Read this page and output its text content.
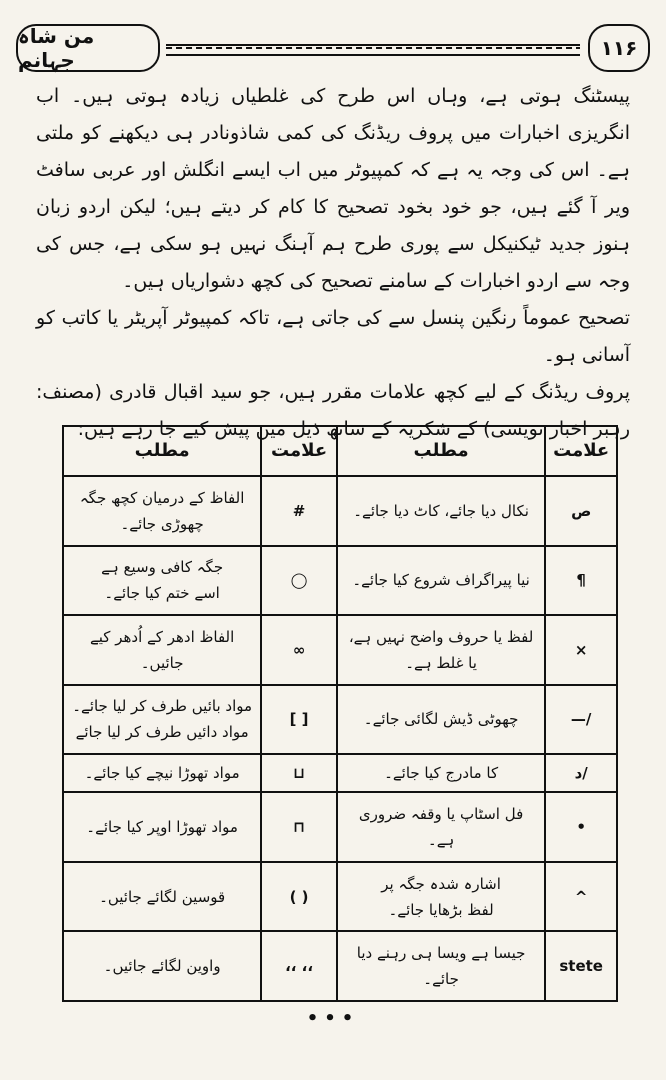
من شاہ جہانم	۱۱۶

پیسٹنگ ہوتی ہے، وہاں اس طرح کی غلطیاں زیادہ ہوتی ہیں۔ اب انگریزی اخبارات میں پروف ریڈنگ کی کمی شاذونادر ہی دیکھنے کو ملتی ہے۔ اس کی وجہ یہ ہے کہ کمپیوٹر میں اب ایسے انگلش اور عربی سافٹ ویر آ گئے ہیں، جو خود بخود تصحیح کا کام کر دیتے ہیں؛ لیکن اردو زبان ہنوز جدید ٹیکنیکل سے پوری طرح ہم آہنگ نہیں ہو سکی ہے، جس کی وجہ سے اردو اخبارات کے سامنے تصحیح کی کچھ دشواریاں ہیں۔

تصحیح عموماً رنگین پنسل سے کی جاتی ہے، تاکہ کمپیوٹر آپریٹر یا کاتب کو آسانی ہو۔

پروف ریڈنگ کے لیے کچھ علامات مقرر ہیں، جو سید اقبال قادری (مصنف: رہبر اخبار نویسی) کے شکریہ کے ساتھ ذیل میں پیش کیے جا رہے ہیں:

علامت	مطلب	علامت	مطلب
ص	نکال دیا جائے، کاٹ دیا جائے۔	#	الفاظ کے درمیان کچھ جگہ
چھوڑی جائے۔

¶	نیا پیراگراف شروع کیا جائے۔	◯	جگہ کافی وسیع ہے
اسے ختم کیا جائے۔

×	لفظ یا حروف واضح نہیں ہے،
یا غلط ہے۔	∞	الفاظ ادھر کے اُدھر کیے
جائیں۔

/—	چھوٹی ڈیش لگائی جائے۔	[ ]	مواد بائیں طرف کر لیا جائے۔
مواد دائیں طرف کر لیا جائے

/د	کا مادرج کیا جائے۔	⊔	مواد تھوڑا نیچے کیا جائے۔

•	فل اسٹاپ یا وقفہ ضروری ہے۔	⊓	مواد تھوڑا اوپر کیا جائے۔

^	اشارہ شدہ جگہ پر
لفظ بڑھایا جائے۔	( )	قوسین لگائے جائیں۔

stete	جیسا ہے ویسا ہی رہنے دیا جائے۔	،، ،،	واوین لگائے جائیں۔
•••
